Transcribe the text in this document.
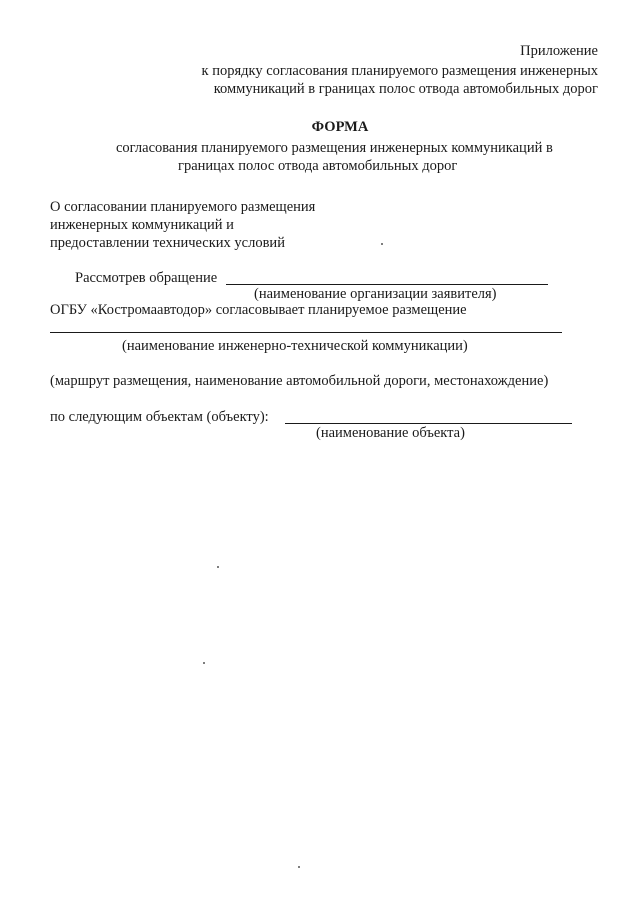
Приложение
к порядку согласования планируемого размещения инженерных
коммуникаций в границах полос отвода автомобильных дорог
ФОРМА
согласования планируемого размещения инженерных коммуникаций в
границах полос отвода автомобильных дорог
О согласовании планируемого размещения
инженерных коммуникаций и
предоставлении технических условий
Рассмотрев обращение
(наименование организации заявителя)
ОГБУ «Костромаавтодор» согласовывает планируемое размещение
(наименование инженерно-технической коммуникации)
(маршрут размещения, наименование автомобильной дороги, местонахождение)
по следующим объектам (объекту):
(наименование объекта)
